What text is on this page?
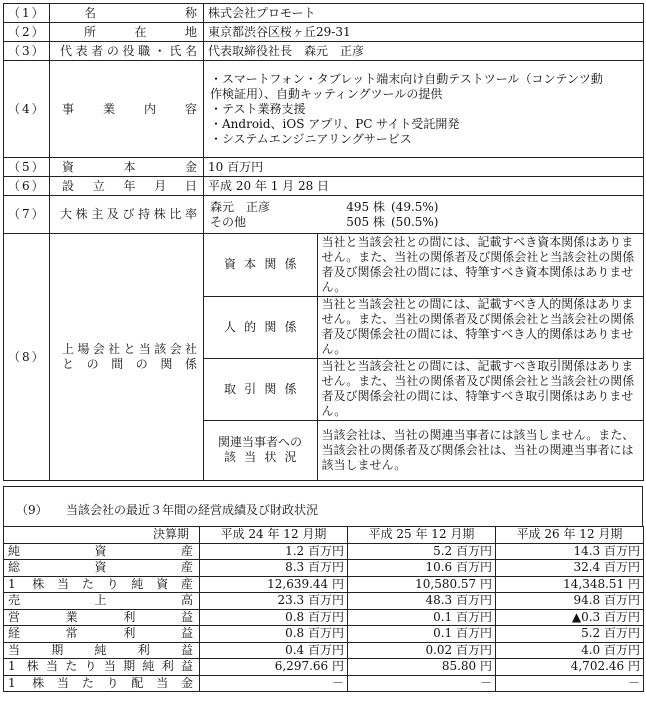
（1）	名称	株式会社プロモート
（2）	所在地	東京都渋谷区桜ヶ丘29-31
（3）	代表者の役職・氏名	代表取締役社長　森元　正彦
（4）	事業内容	
・スマートフォン・タブレット端末向け自動テストツール（コンテンツ動
作検証用）、自動キッティングツールの提供
・テスト業務支援
・Android、iOS アプリ、PC サイト受託開発
・システムエンジニアリングサービス

（5）	資本金	10 百万円
（6）	設立年月日	平成 20 年 1 月 28 日
（7）	大株主及び持株比率	
森元　正彦	495 株 (49.5%)
その他	505 株 (50.5%)

（8）	
上場会社と当該会社
との間の関係

資本関係	当社と当該会社との間には、記載すべき資本関係はありません。また、当社の関係者及び関係会社と当該会社の関係者及び関係会社の間には、特筆すべき資本関係はありません。
人的関係	当社と当該会社との間には、記載すべき人的関係はありません。また、当社の関係者及び関係会社と当該会社の関係者及び関係会社の間には、特筆すべき人的関係はありません。
取引関係	当社と当該会社との間には、記載すべき取引関係はありません。また、当社の関係者及び関係会社と当該会社の関係者及び関係会社の間には、特筆すべき取引関係はありません。

関連当事者への
該当状況
	当該会社は、当社の関連当事者には該当しません。また、当該会社の関係者及び関係会社は、当社の関連当事者には該当しません。
（9） 当該会社の最近３年間の経営成績及び財政状況
決算期	平成 24 年 12 月期	平成 25 年 12 月期	平成 26 年 12 月期
純資産	1.2 百万円	5.2 百万円	14.3 百万円
総資産	8.3 百万円	10.6 百万円	32.4 百万円
1 株当たり純資産	12,639.44 円	10,580.57 円	14,348.51 円
売上高	23.3 百万円	48.3 百万円	94.8 百万円
営業利益	0.8 百万円	0.1 百万円	▲0.3 百万円
経常利益	0.8 百万円	0.1 百万円	5.2 百万円
当期純利益	0.4 百万円	0.02 百万円	4.0 百万円
1 株当たり当期純利益	6,297.66 円	85.80 円	4,702.46 円
1 株当たり配当金	－	－	－
